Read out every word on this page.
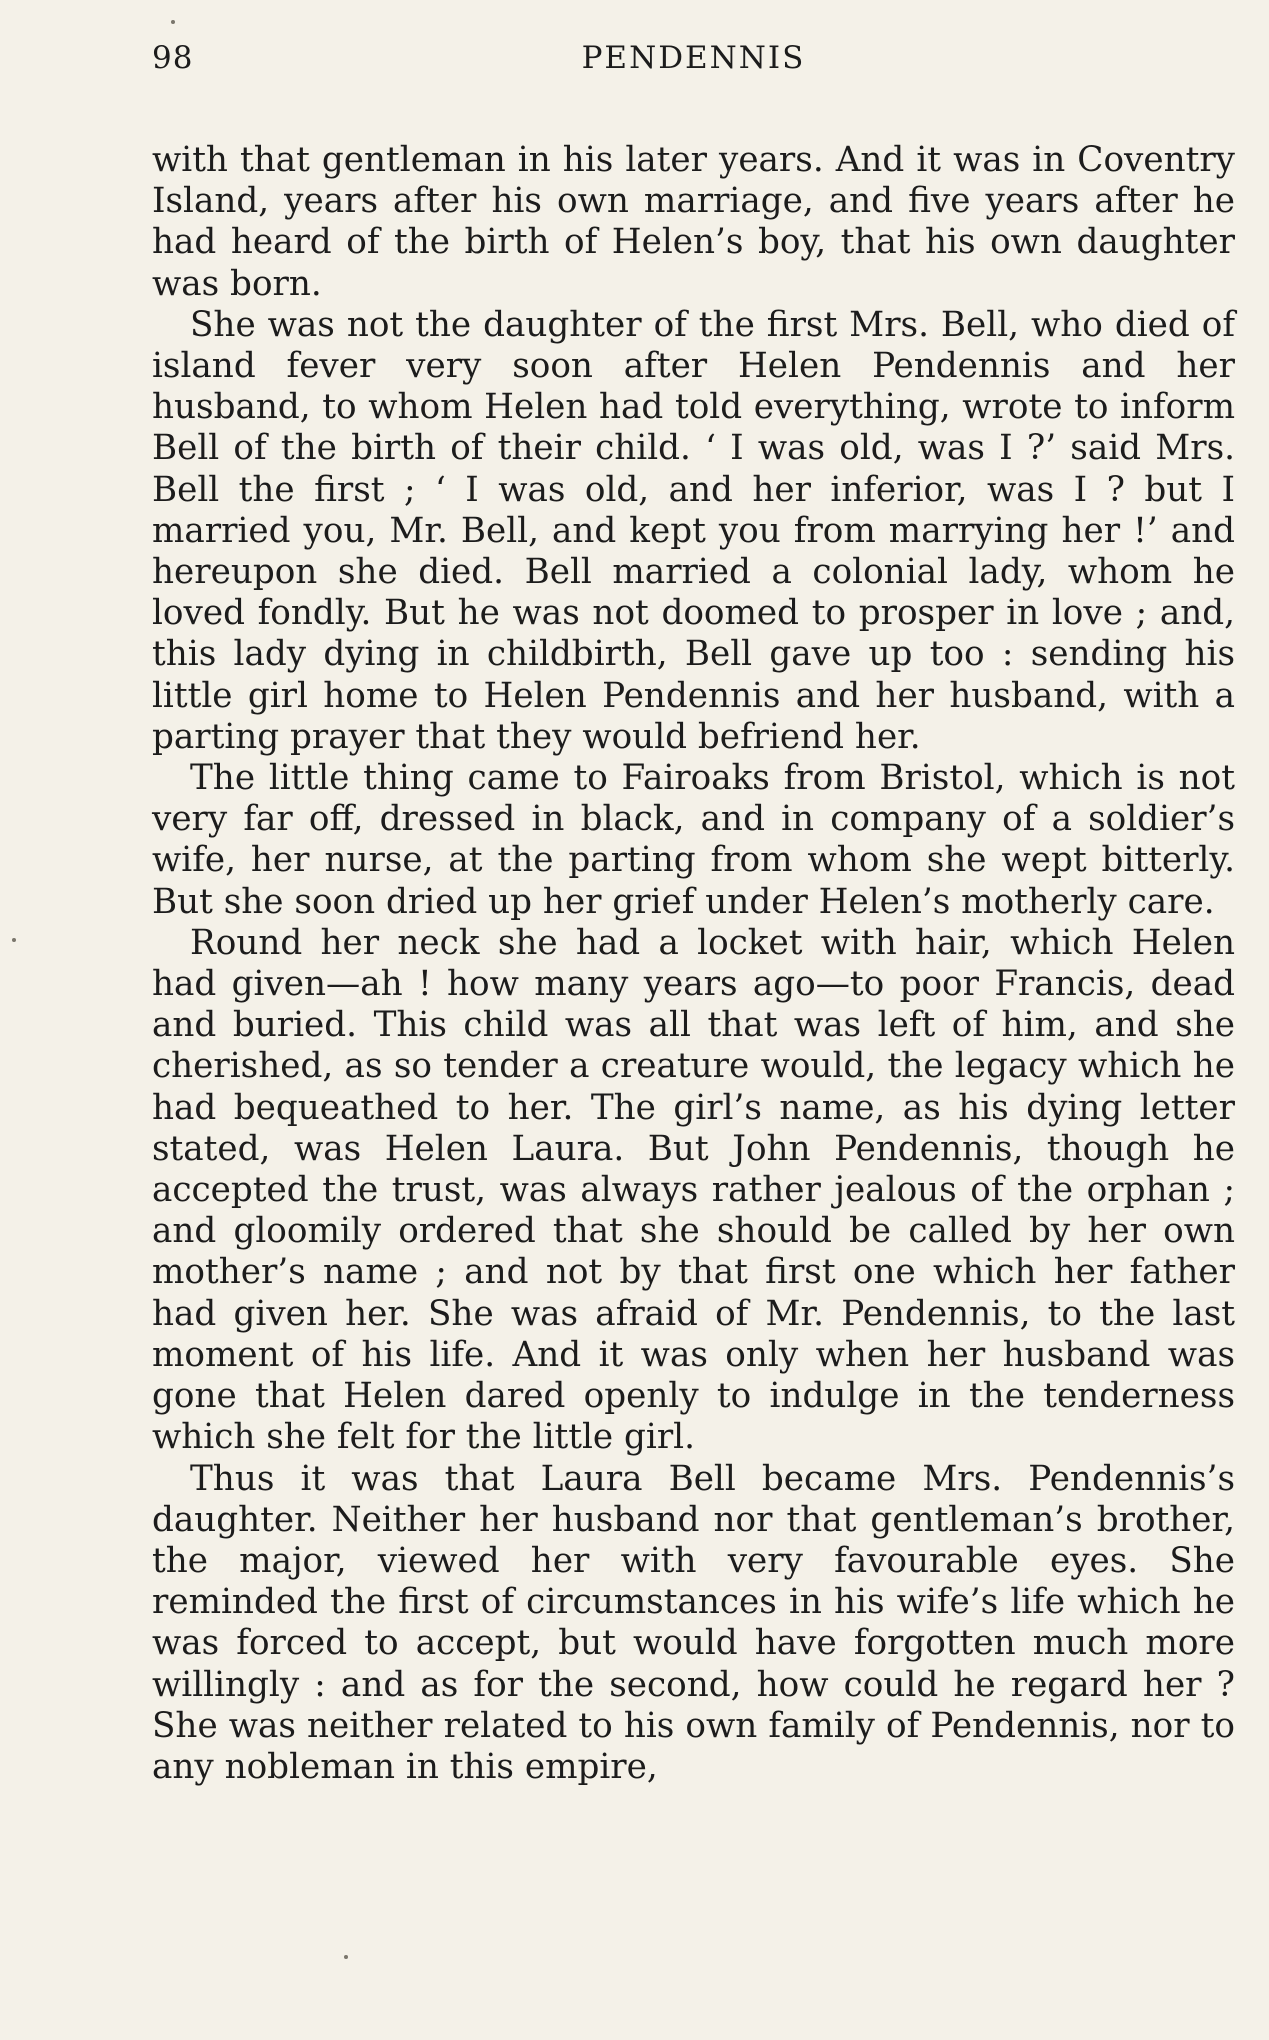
98	PENDENNIS

with that gentleman in his later years. And it was in Coventry Island, years after his own marriage, and five years after he had heard of the birth of Helen’s boy, that his own daughter was born.

She was not the daughter of the first Mrs. Bell, who died of island fever very soon after Helen Pendennis and her husband, to whom Helen had told everything, wrote to inform Bell of the birth of their child. ‘ I was old, was I ?’ said Mrs. Bell the first ; ‘ I was old, and her inferior, was I ? but I married you, Mr. Bell, and kept you from marrying her !’ and hereupon she died. Bell married a colonial lady, whom he loved fondly. But he was not doomed to prosper in love ; and, this lady dying in childbirth, Bell gave up too : sending his little girl home to Helen Pendennis and her husband, with a parting prayer that they would befriend her.

The little thing came to Fairoaks from Bristol, which is not very far off, dressed in black, and in company of a soldier’s wife, her nurse, at the parting from whom she wept bitterly. But she soon dried up her grief under Helen’s motherly care.

Round her neck she had a locket with hair, which Helen had given—ah ! how many years ago—to poor Francis, dead and buried. This child was all that was left of him, and she cherished, as so tender a creature would, the legacy which he had bequeathed to her. The girl’s name, as his dying letter stated, was Helen Laura. But John Pendennis, though he accepted the trust, was always rather jealous of the orphan ; and gloomily ordered that she should be called by her own mother’s name ; and not by that first one which her father had given her. She was afraid of Mr. Pendennis, to the last moment of his life. And it was only when her husband was gone that Helen dared openly to indulge in the tenderness which she felt for the little girl.

Thus it was that Laura Bell became Mrs. Pendennis’s daughter. Neither her husband nor that gentleman’s brother, the major, viewed her with very favourable eyes. She reminded the first of circumstances in his wife’s life which he was forced to accept, but would have forgotten much more willingly : and as for the second, how could he regard her ? She was neither related to his own family of Pendennis, nor to any nobleman in this empire,
